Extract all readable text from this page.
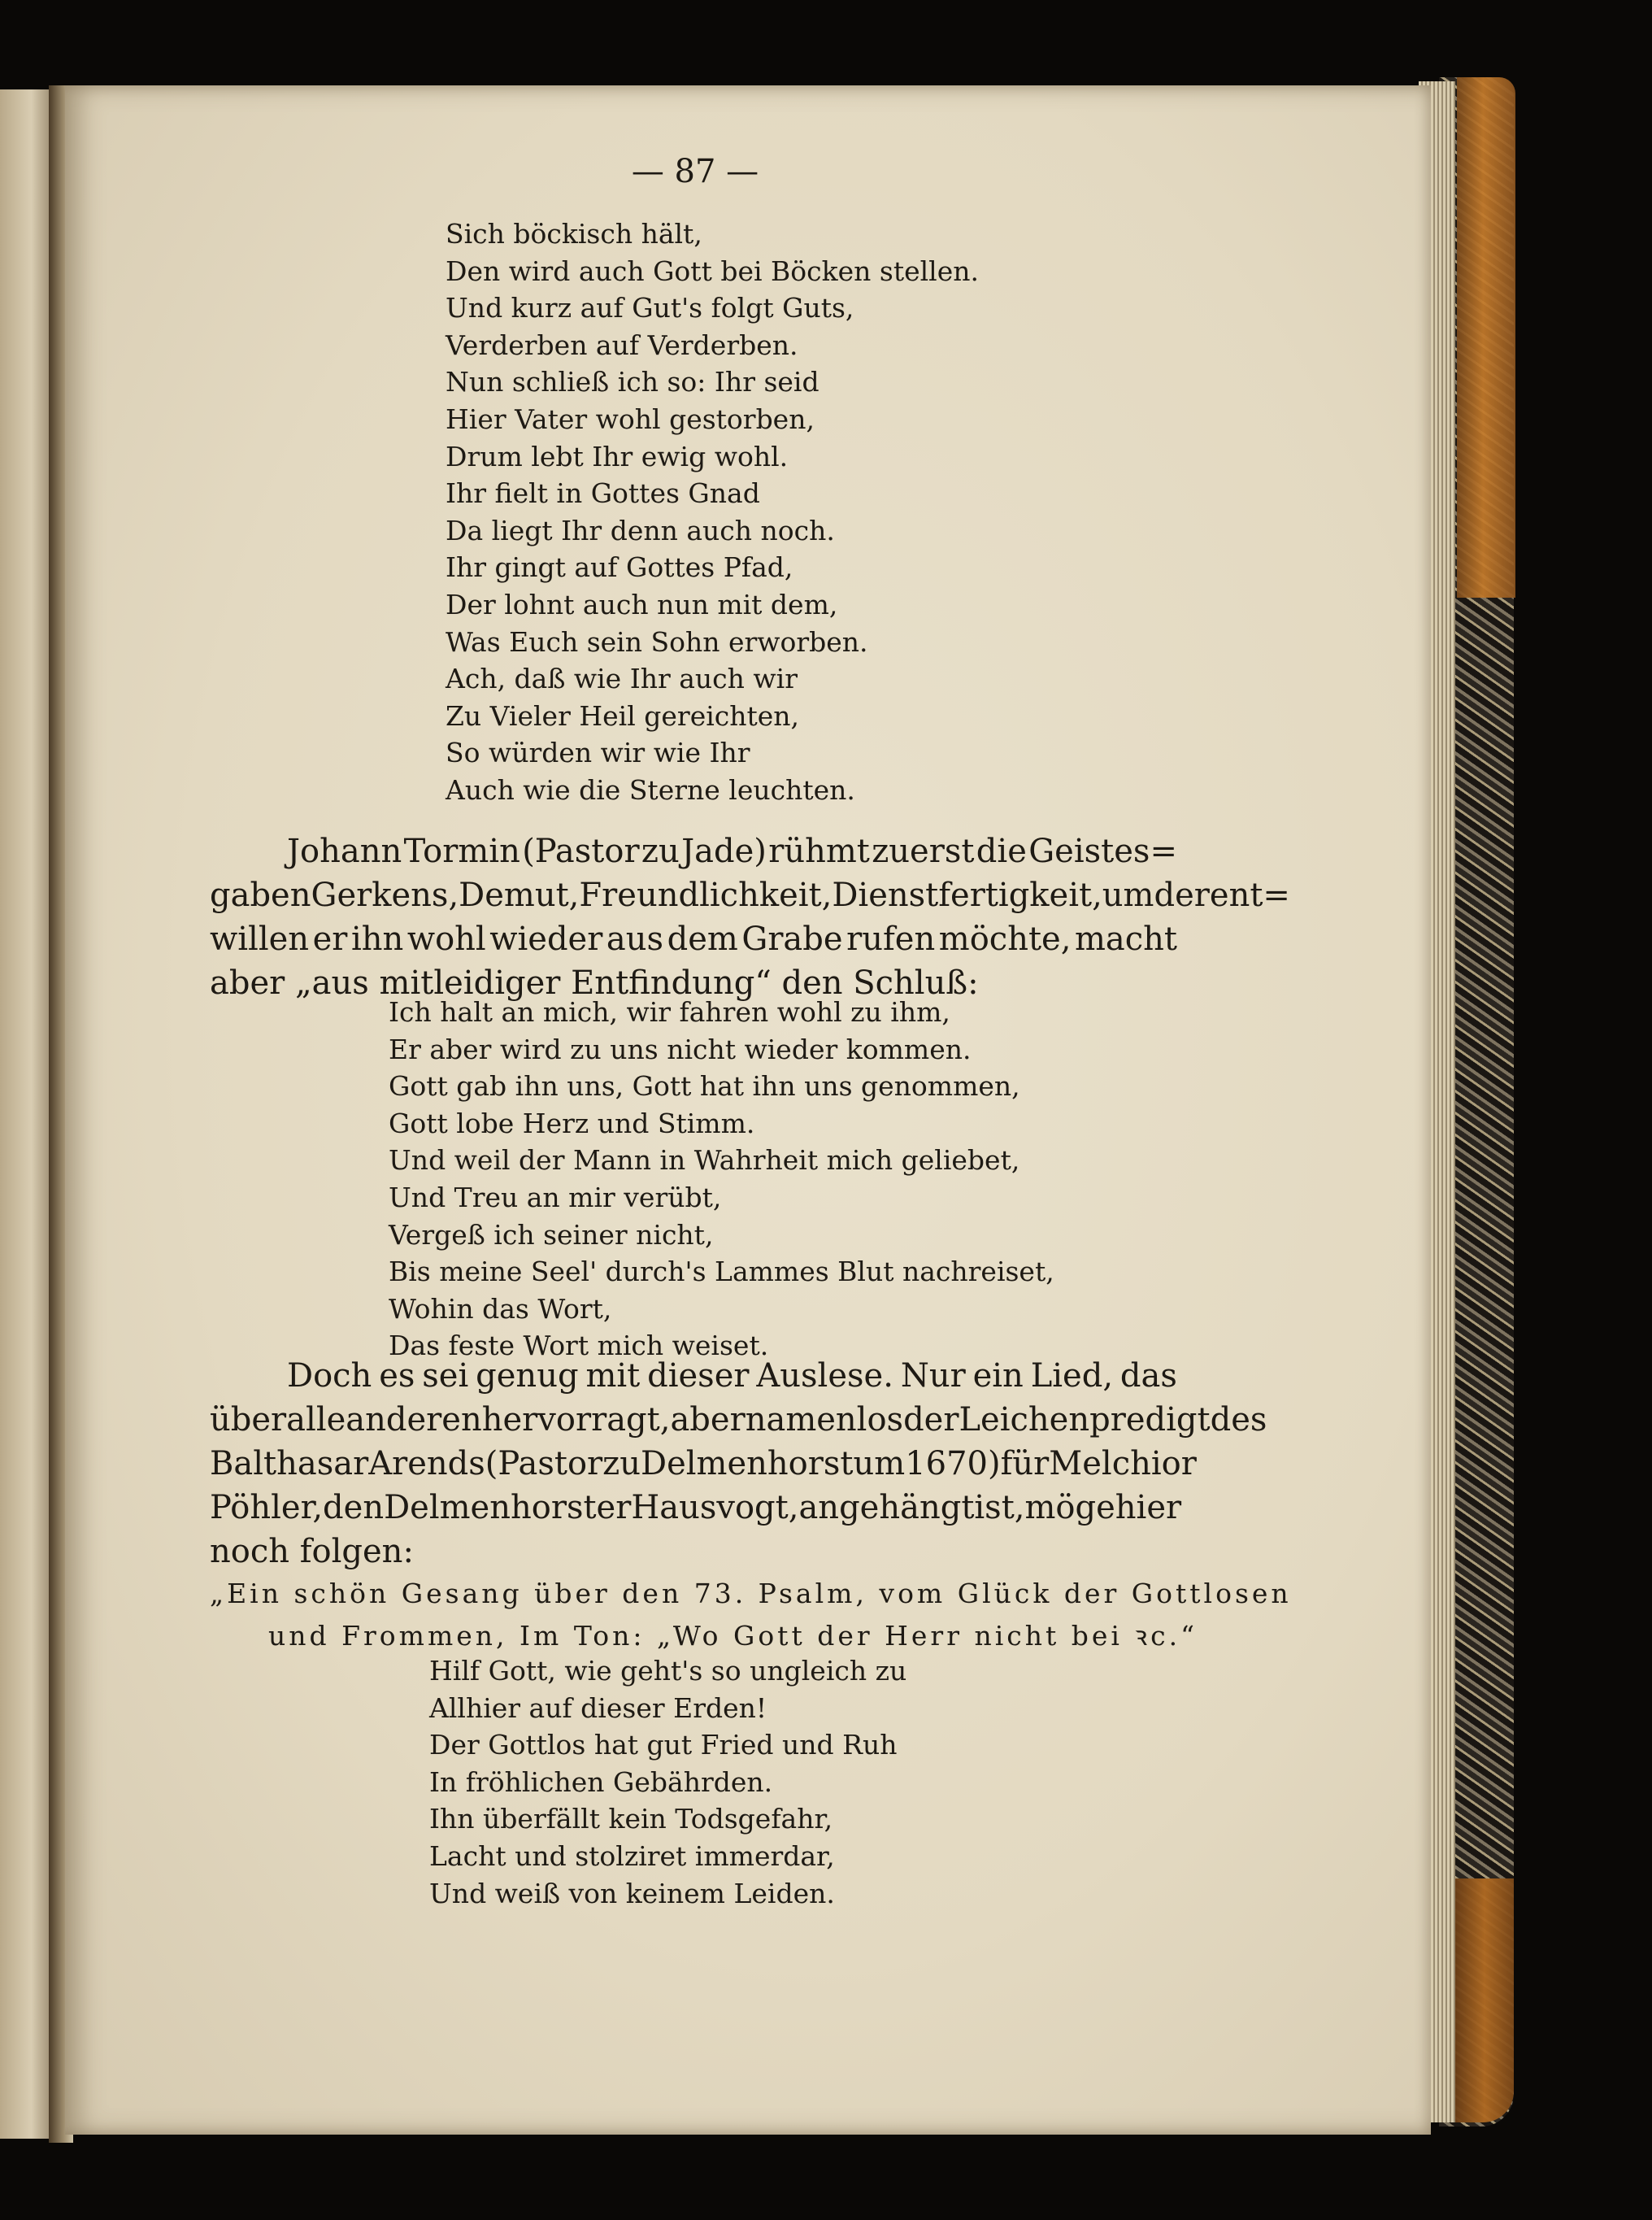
— 87 —
Sich böckisch hält,
Den wird auch Gott bei Böcken stellen.
Und kurz auf Gut's folgt Guts,
Verderben auf Verderben.
Nun schließ ich so: Ihr seid
Hier Vater wohl gestorben,
Drum lebt Ihr ewig wohl.
Ihr fielt in Gottes Gnad
Da liegt Ihr denn auch noch.
Ihr gingt auf Gottes Pfad,
Der lohnt auch nun mit dem,
Was Euch sein Sohn erworben.
Ach, daß wie Ihr auch wir
Zu Vieler Heil gereichten,
So würden wir wie Ihr
Auch wie die Sterne leuchten.
Johann Tormin (Pastor zu Jade) rühmt zuerst die Geistes=
gaben Gerkens, Demut, Freundlichkeit, Dienstfertigkeit, um derent=
willen er ihn wohl wieder aus dem Grabe rufen möchte, macht
aber „aus mitleidiger Entfindung“ den Schluß:
Ich halt an mich, wir fahren wohl zu ihm,
Er aber wird zu uns nicht wieder kommen.
Gott gab ihn uns, Gott hat ihn uns genommen,
Gott lobe Herz und Stimm.
Und weil der Mann in Wahrheit mich geliebet,
Und Treu an mir verübt,
Vergeß ich seiner nicht,
Bis meine Seel' durch's Lammes Blut nachreiset,
Wohin das Wort,
Das feste Wort mich weiset.
Doch es sei genug mit dieser Auslese. Nur ein Lied, das
über alle anderen hervorragt, aber namenlos der Leichenpredigt des
Balthasar Arends (Pastor zu Delmenhorst um 1670) für Melchior
Pöhler, den Delmenhorster Hausvogt, angehängt ist, möge hier
noch folgen:
„Ein schön Gesang über den 73. Psalm, vom Glück der Gottlosen
und Frommen, Im Ton: „Wo Gott der Herr nicht bei ꝛc.“
Hilf Gott, wie geht's so ungleich zu
Allhier auf dieser Erden!
Der Gottlos hat gut Fried und Ruh
In fröhlichen Gebährden.
Ihn überfällt kein Todsgefahr,
Lacht und stolziret immerdar,
Und weiß von keinem Leiden.
